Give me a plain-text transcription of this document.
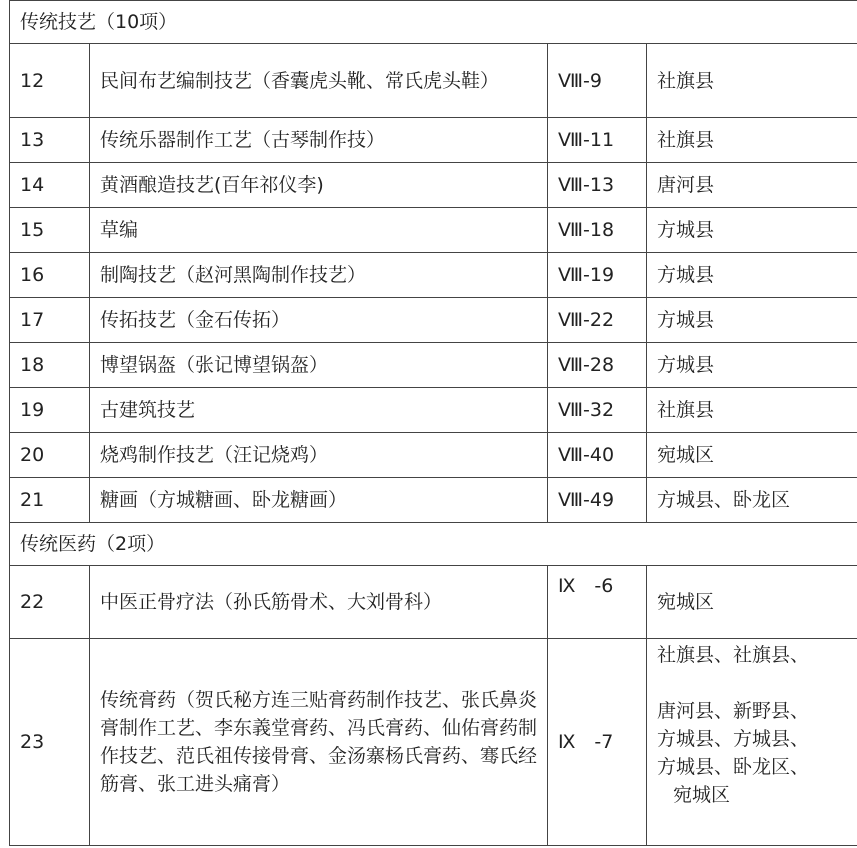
传统技艺（10项）			
12	民间布艺编制技艺（香囊虎头靴、常氏虎头鞋）	Ⅷ-9	社旗县
13	传统乐器制作工艺（古琴制作技）	Ⅷ-11	社旗县
14	黄酒酿造技艺(百年祁仪李)	Ⅷ-13	唐河县
15	草编	Ⅷ-18	方城县
16	制陶技艺（赵河黑陶制作技艺）	Ⅷ-19	方城县
17	传拓技艺（金石传拓）	Ⅷ-22	方城县
18	博望锅盔（张记博望锅盔）	Ⅷ-28	方城县
19	古建筑技艺	Ⅷ-32	社旗县
20	烧鸡制作技艺（汪记烧鸡）	Ⅷ-40	宛城区
21	糖画（方城糖画、卧龙糖画）	Ⅷ-49	方城县、卧龙区
传统医药（2项）			
22	中医正骨疗法（孙氏筋骨术、大刘骨科）	Ⅸ　-6	宛城区
23	传统膏药（贺氏秘方连三贴膏药制作技艺、张氏鼻炎膏制作工艺、李东義堂膏药、冯氏膏药、仙佑膏药制作技艺、范氏祖传接骨膏、金汤寨杨氏膏药、骞氏经筋膏、张工进头痛膏）	Ⅸ　-7	社旗县、社旗县、
唐河县、新野县、
方城县、方城县、
方城县、卧龙区、
宛城区
